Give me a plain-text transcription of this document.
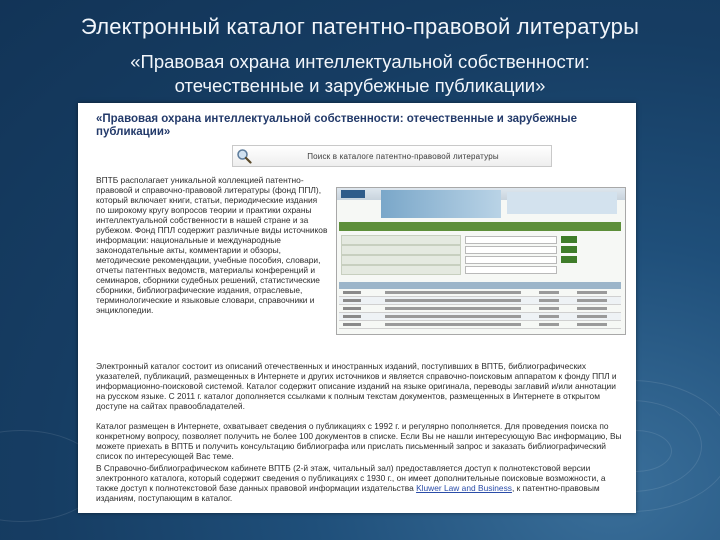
Электронный каталог патентно-правовой литературы
«Правовая охрана интеллектуальной собственности:
отечественные и зарубежные публикации»
«Правовая охрана интеллектуальной собственности: отечественные и зарубежные публикации»
Поиск в каталоге патентно-правовой литературы
ВПТБ располагает уникальной коллекцией патентно-правовой и справочно-правовой литературы (фонд ППЛ), который включает книги, статьи, периодические издания по широкому кругу вопросов теории и практики охраны интеллектуальной собственности в нашей стране и за рубежом. Фонд ППЛ содержит различные виды источников информации: национальные и международные законодательные акты, комментарии и обзоры, методические рекомендации, учебные пособия, словари, отчеты патентных ведомств, материалы конференций и семинаров, сборники судебных решений, статистические сборники, библиографические издания, отраслевые, терминологические и языковые словари, справочники и энциклопедии.
Электронный каталог состоит из описаний отечественных и иностранных изданий, поступивших в ВПТБ, библиографических указателей, публикаций, размещенных в Интернете и других источников и является справочно-поисковым аппаратом к фонду ППЛ и информационно-поисковой системой. Каталог содержит описание изданий на языке оригинала, переводы заглавий и/или аннотации на русском языке. С 2011 г. каталог дополняется ссылками к полным текстам документов, размещенных в Интернете в открытом доступе на сайтах правообладателей.
Каталог размещен в Интернете, охватывает сведения о публикациях с 1992 г. и регулярно пополняется. Для проведения поиска по конкретному вопросу, позволяет получить не более 100 документов в списке. Если Вы не нашли интересующую Вас информацию, Вы можете приехать в ВПТБ и получить консультацию библиографа или прислать письменный запрос и заказать библиографический список по интересующей Вас теме.
В Справочно-библиографическом кабинете ВПТБ (2-й этаж, читальный зал) предоставляется доступ к полнотекстовой версии электронного каталога, который содержит сведения о публикациях с 1930 г., он имеет дополнительные поисковые возможности, а также доступ к полнотекстовой базе данных правовой информации издательства Kluwer Law and Business, к патентно-правовым изданиям, поступающим в каталог.
